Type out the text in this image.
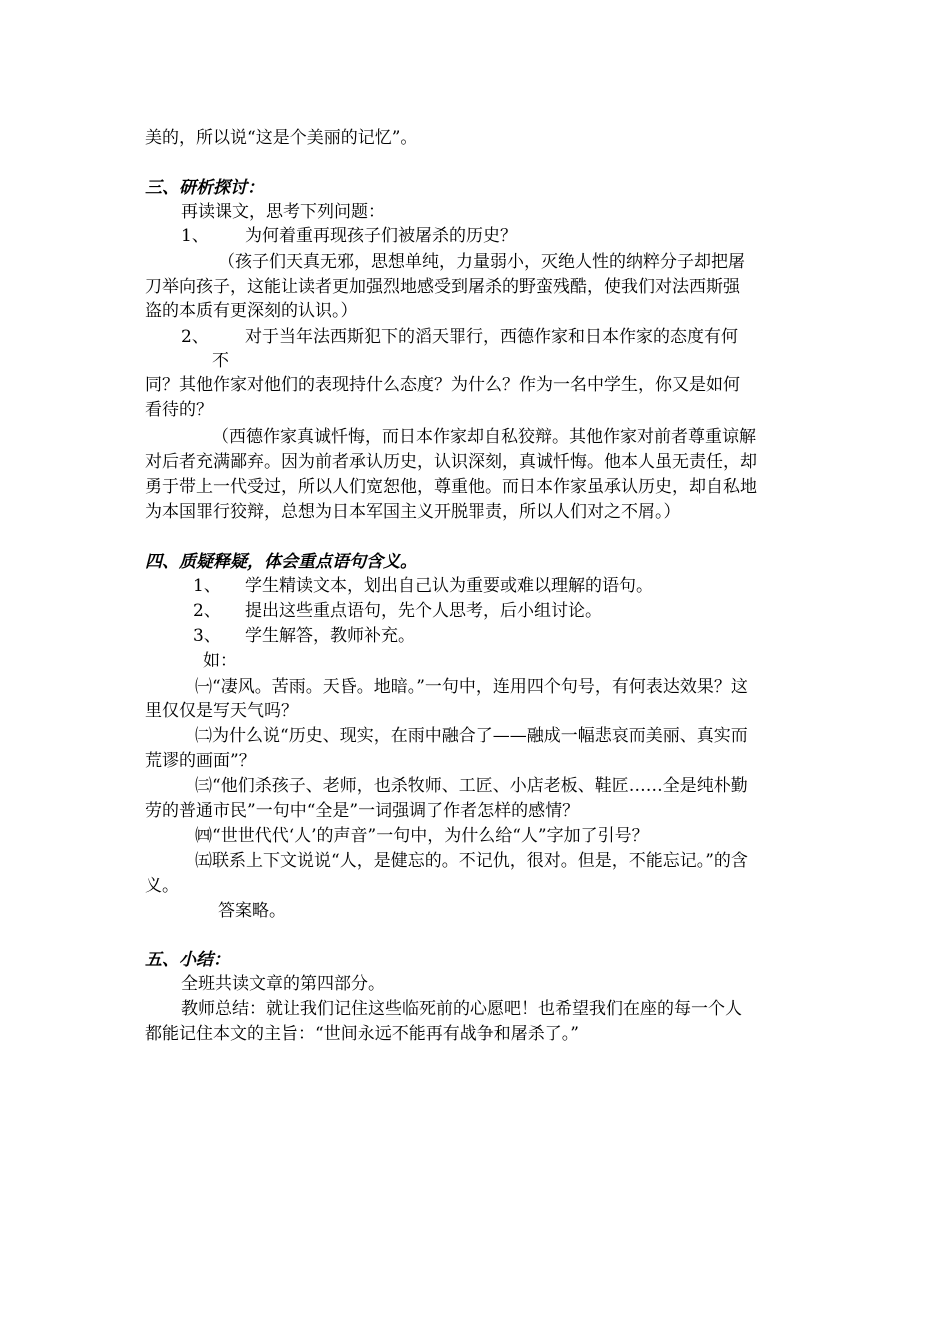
美的，所以说“这是个美丽的记忆”。
三、研析探讨：
再读课文，思考下列问题：
1、 为何着重再现孩子们被屠杀的历史？
（孩子们天真无邪，思想单纯，力量弱小，灭绝人性的纳粹分子却把屠
刀举向孩子，这能让读者更加强烈地感受到屠杀的野蛮残酷，使我们对法西斯强
盗的本质有更深刻的认识。）
2、 对于当年法西斯犯下的滔天罪行，西德作家和日本作家的态度有何
不
同？其他作家对他们的表现持什么态度？为什么？作为一名中学生，你又是如何
看待的？
（西德作家真诚忏悔，而日本作家却自私狡辩。其他作家对前者尊重谅解
对后者充满鄙弃。因为前者承认历史，认识深刻，真诚忏悔。他本人虽无责任，却
勇于带上一代受过，所以人们宽恕他，尊重他。而日本作家虽承认历史，却自私地
为本国罪行狡辩，总想为日本军国主义开脱罪责，所以人们对之不屑。）
四、质疑释疑，体会重点语句含义。
1、 学生精读文本，划出自己认为重要或难以理解的语句。
2、 提出这些重点语句，先个人思考，后小组讨论。
3、 学生解答，教师补充。
如：
㈠“凄风。苦雨。天昏。地暗。”一句中，连用四个句号，有何表达效果？这
里仅仅是写天气吗？
㈡为什么说“历史、现实，在雨中融合了——融成一幅悲哀而美丽、真实而
荒谬的画面”？
㈢“他们杀孩子、老师，也杀牧师、工匠、小店老板、鞋匠……全是纯朴勤
劳的普通市民”一句中“全是”一词强调了作者怎样的感情？
㈣“世世代代‘人’的声音”一句中，为什么给“人”字加了引号？
㈤联系上下文说说“人，是健忘的。不记仇，很对。但是，不能忘记。”的含
义。
答案略。
五、小结：
全班共读文章的第四部分。
教师总结：就让我们记住这些临死前的心愿吧！也希望我们在座的每一个人
都能记住本文的主旨：“世间永远不能再有战争和屠杀了。”
